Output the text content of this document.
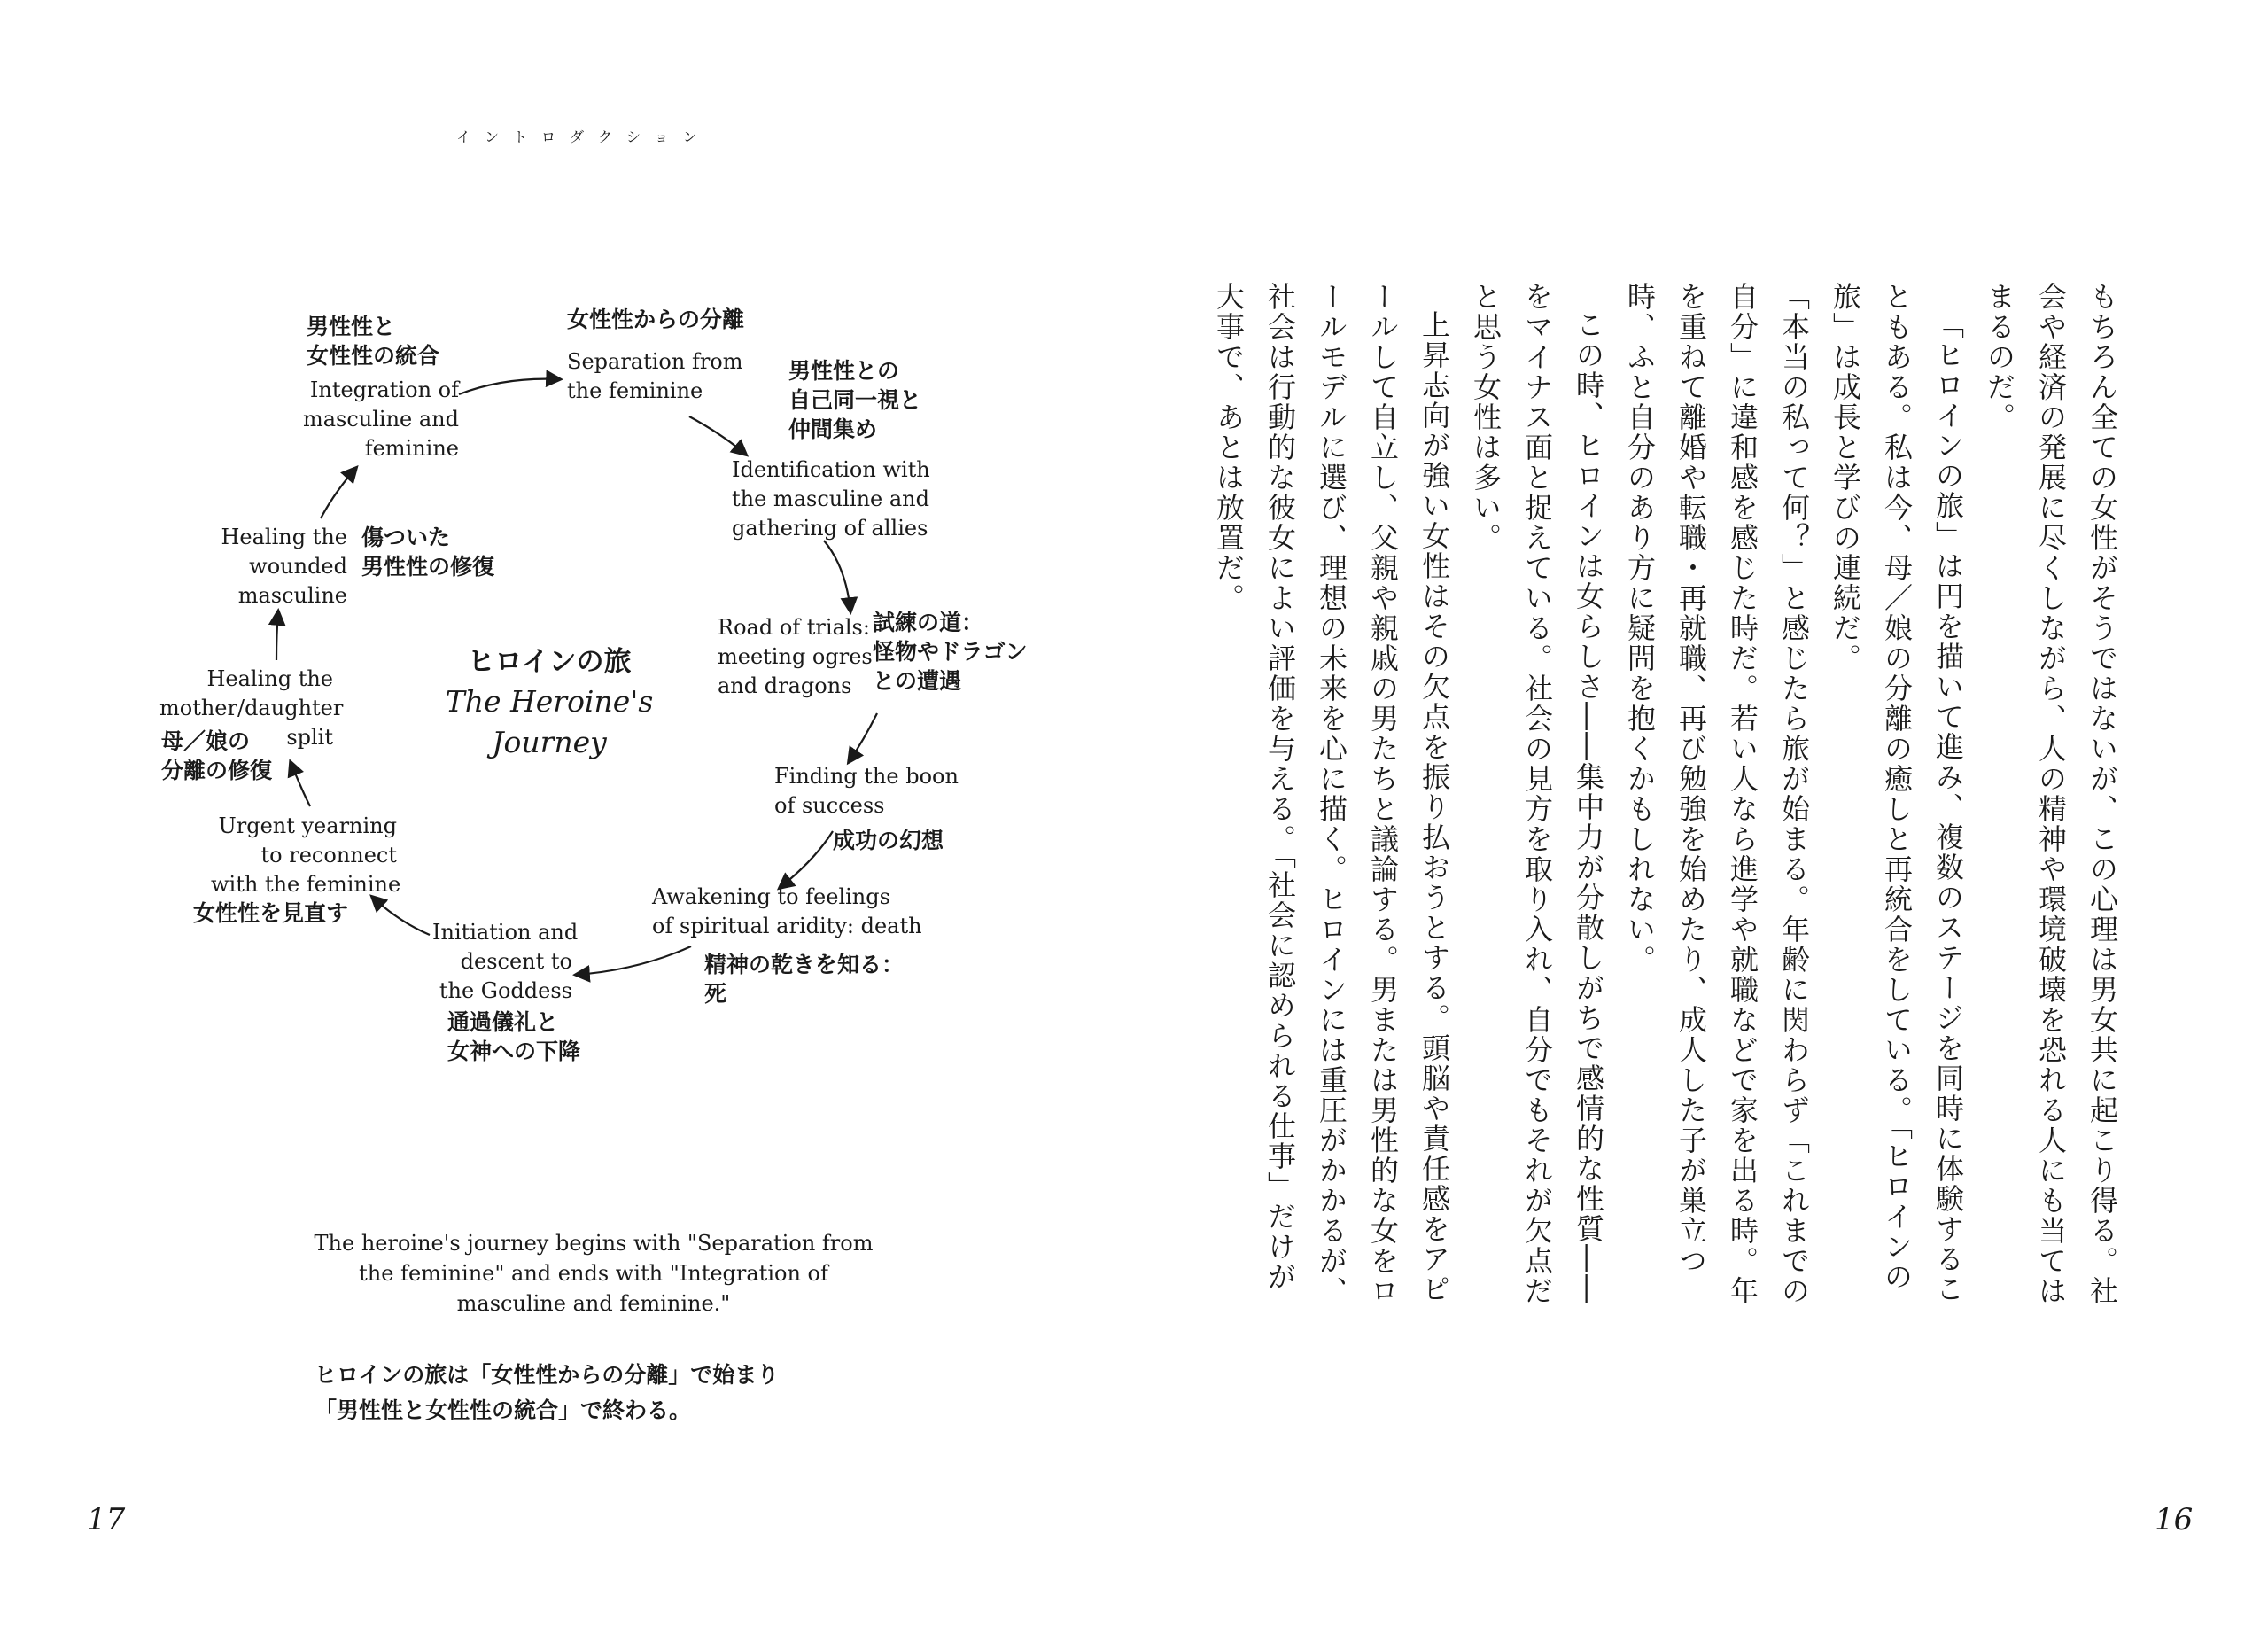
イントロダクション
女性性からの分離
Separation from
the feminine
男性性との
自己同一視と
仲間集め
Identification with
the masculine and
gathering of allies
Road of trials:
meeting ogres
and dragons
試練の道：
怪物やドラゴン
との遭遇
Finding the boon
of success
成功の幻想
Awakening to feelings
of spiritual aridity: death
精神の乾きを知る：
死
Initiation and
descent to
the Goddess
通過儀礼と
女神への下降
Urgent yearning
to reconnect
with the feminine
女性性を見直す
Healing the
mother/daughter
split
母／娘の
分離の修復
Healing the
wounded
masculine
傷ついた
男性性の修復
男性性と
女性性の統合
Integration of
masculine and
feminine
ヒロインの旅
The Heroine's Journey
The heroine's journey begins with "Separation from the feminine" and ends with "Integration of masculine and feminine."
ヒロインの旅は「女性性からの分離」で始まり
「男性性と女性性の統合」で終わる。
17	16

もちろん全ての女性がそうではないが、この心理は男女共に起こり得る。社会や経済の発展に尽くしながら、人の精神や環境破壊を恐れる人にも当てはまるのだ。

「ヒロインの旅」は円を描いて進み、複数のステージを同時に体験することもある。私は今、母／娘の分離の癒しと再統合をしている。「ヒロインの旅」は成長と学びの連続だ。

「本当の私って何？」と感じたら旅が始まる。年齢に関わらず「これまでの自分」に違和感を感じた時だ。若い人なら進学や就職などで家を出る時。年を重ねて離婚や転職・再就職、再び勉強を始めたり、成人した子が巣立つ時、ふと自分のあり方に疑問を抱くかもしれない。

この時、ヒロインは女らしさ――集中力が分散しがちで感情的な性質――をマイナス面と捉えている。社会の見方を取り入れ、自分でもそれが欠点だと思う女性は多い。

上昇志向が強い女性はその欠点を振り払おうとする。頭脳や責任感をアピールして自立し、父親や親戚の男たちと議論する。男または男性的な女をロールモデルに選び、理想の未来を心に描く。ヒロインには重圧がかかるが、社会は行動的な彼女によい評価を与える。「社会に認められる仕事」だけが大事で、あとは放置だ。
